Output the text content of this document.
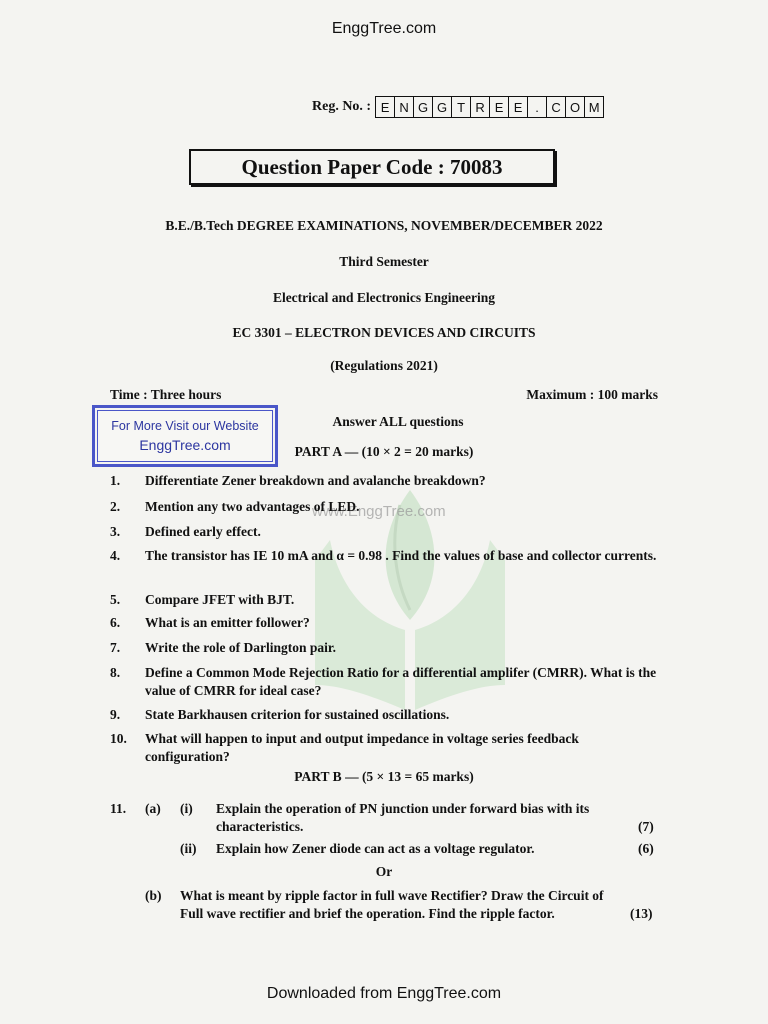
www.EnggTree.com
EnggTree.com
Reg. No. : E N G G T R E E . C O M
Question Paper Code : 70083
B.E./B.Tech DEGREE EXAMINATIONS, NOVEMBER/DECEMBER 2022
Third Semester
Electrical and Electronics Engineering
EC 3301 – ELECTRON DEVICES AND CIRCUITS
(Regulations 2021)
Time : Three hours	Maximum : 100 marks
Answer ALL questions
For More Visit our Website
EnggTree.com	PART A — (10 × 2 = 20 marks)
1.	Differentiate Zener breakdown and avalanche breakdown?
2.	Mention any two advantages of LED.
3.	Defined early effect.
4.	The transistor has IE 10 mA and α = 0.98 . Find the values of base and collector currents.
5.	Compare JFET with BJT.
6.	What is an emitter follower?
7.	Write the role of Darlington pair.
8.	Define a Common Mode Rejection Ratio for a differential amplifer (CMRR). What is the value of CMRR for ideal case?
9.	State Barkhausen criterion for sustained oscillations.
10.	What will happen to input and output impedance in voltage series feedback configuration?
PART B — (5 × 13 = 65 marks)
11. (a) (i) Explain the operation of PN junction under forward bias with its characteristics.	(7)
(ii) Explain how Zener diode can act as a voltage regulator.	(6)
Or
(b) What is meant by ripple factor in full wave Rectifier? Draw the Circuit of Full wave rectifier and brief the operation. Find the ripple factor.	(13)
Downloaded from EnggTree.com
